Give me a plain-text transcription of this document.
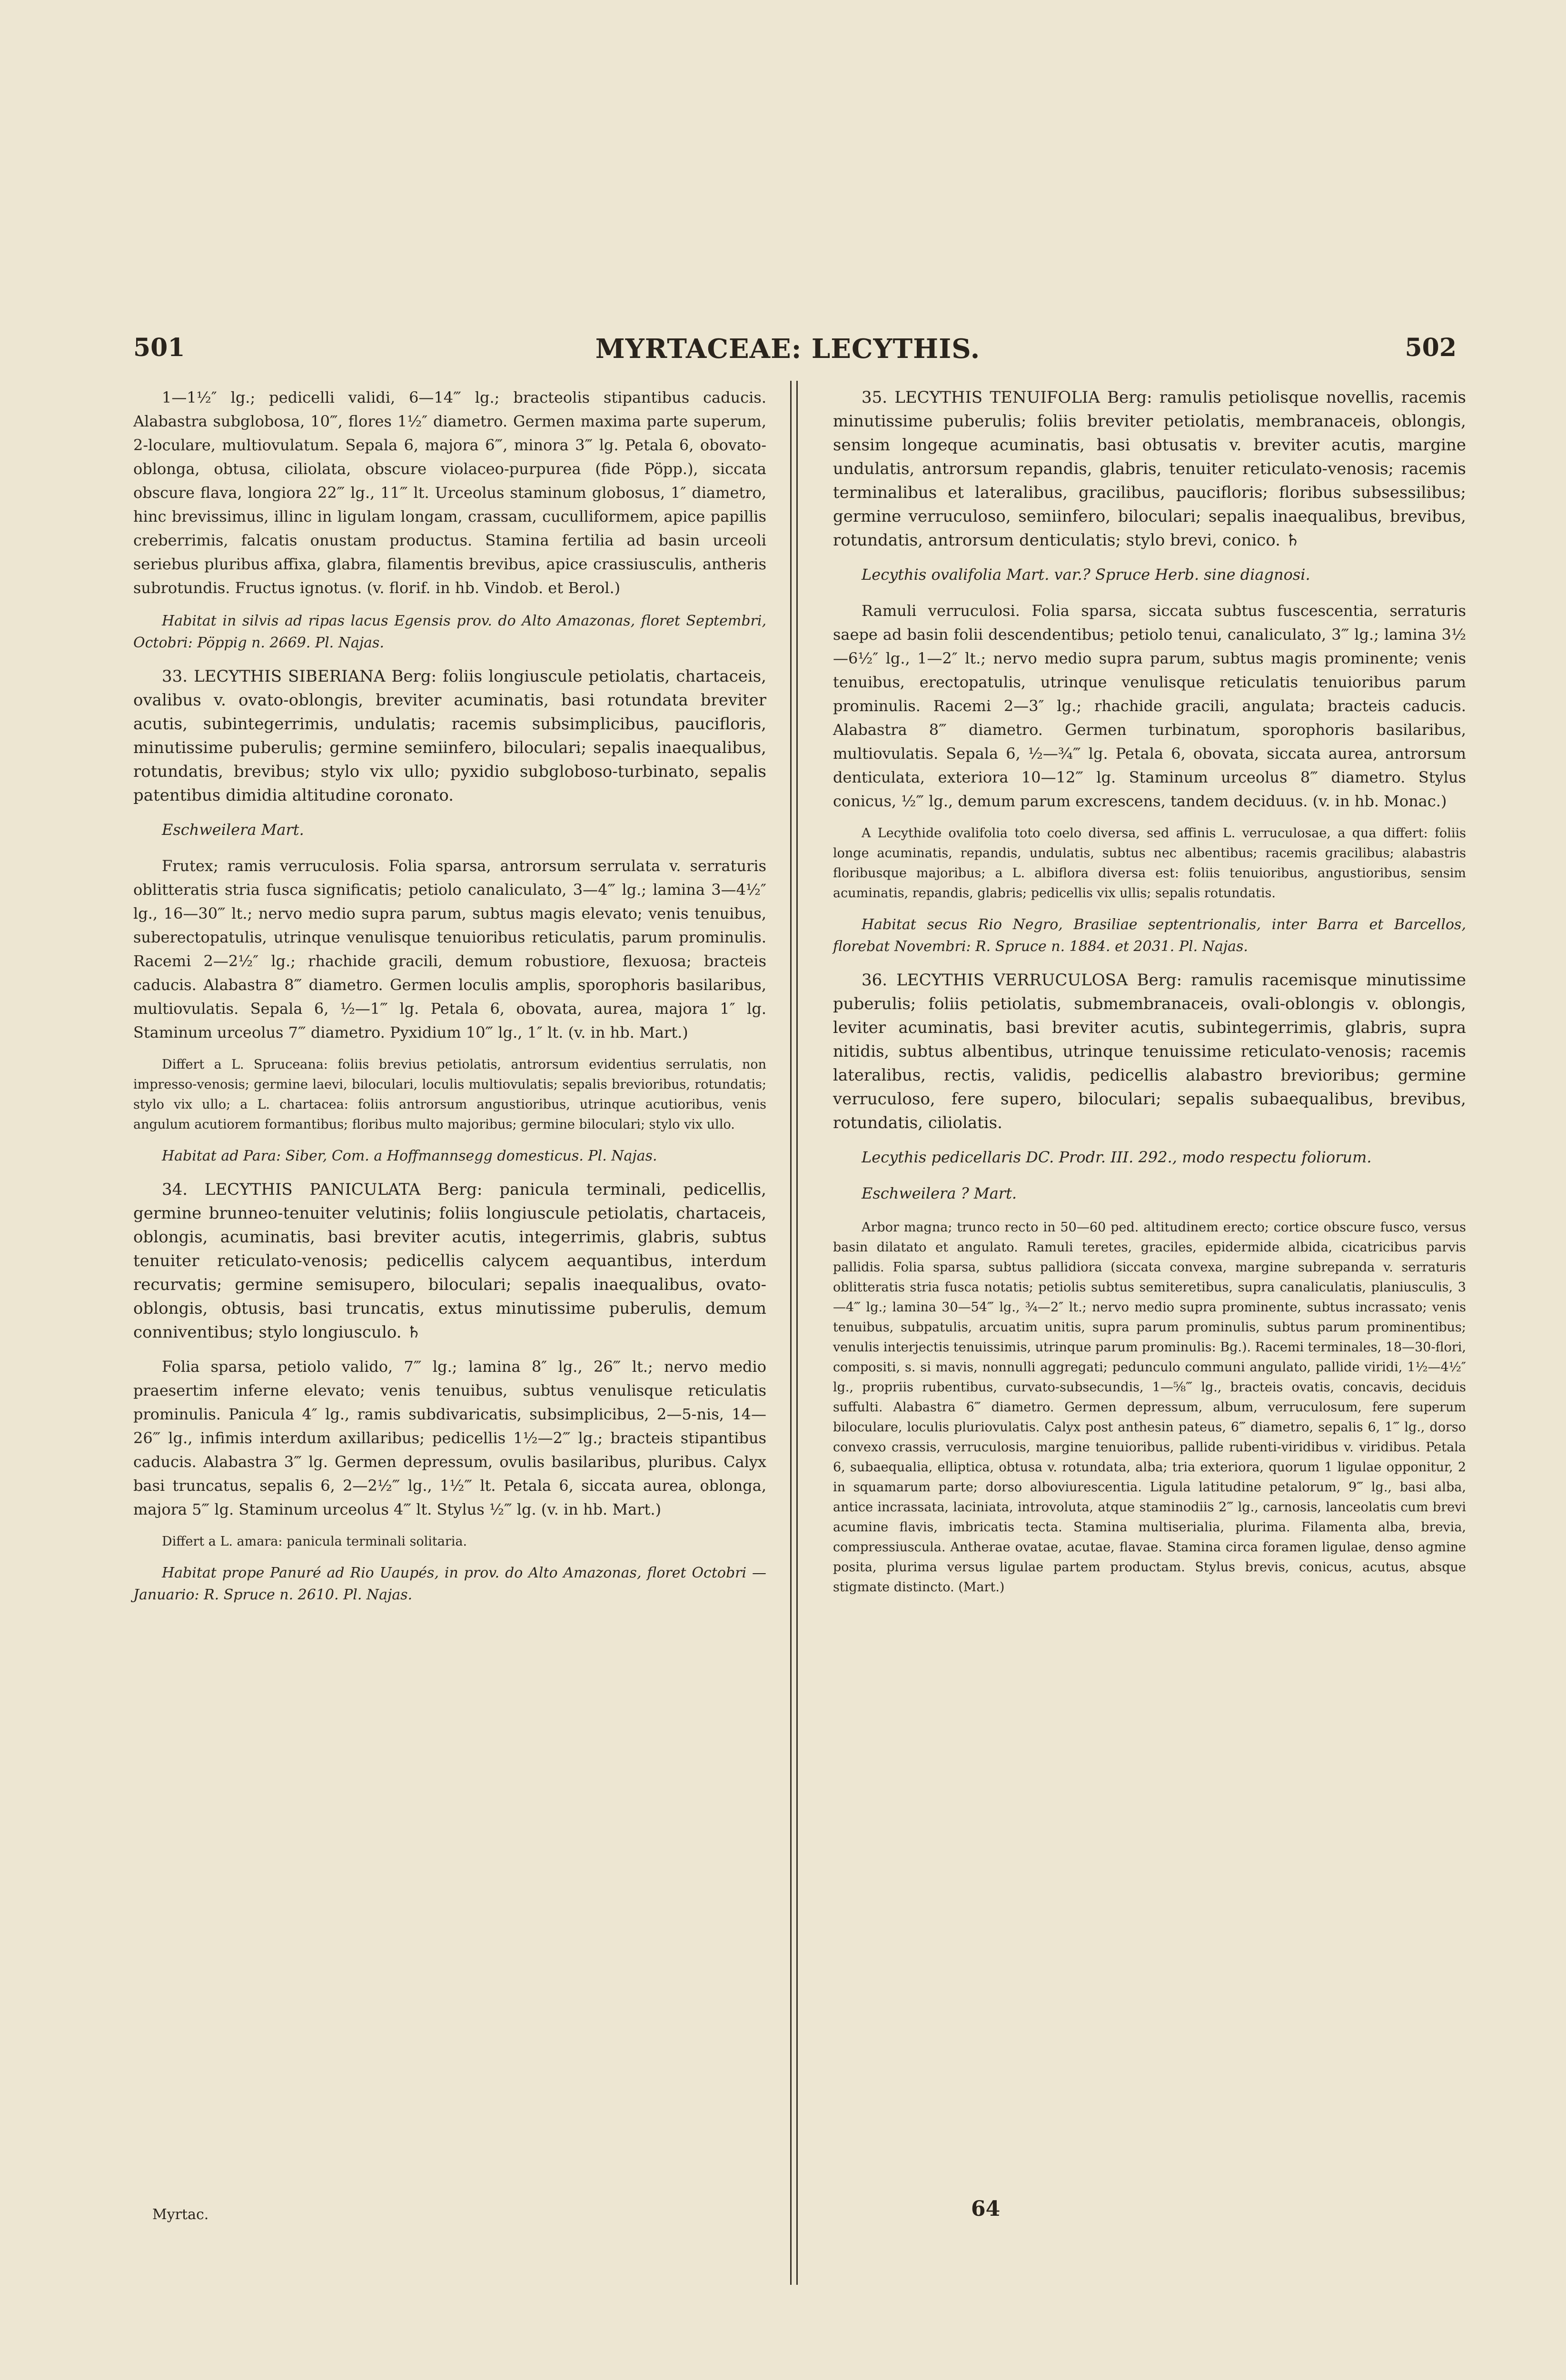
501	MYRTACEAE: LECYTHIS.	502

1—1½″ lg.; pedicelli validi, 6—14‴ lg.; bracteolis stipantibus caducis. Alabastra subglobosa, 10‴, flores 1½″ diametro. Germen maxima parte superum, 2-loculare, multiovulatum. Sepala 6, majora 6‴, minora 3‴ lg. Petala 6, obovato-oblonga, obtusa, ciliolata, obscure violaceo-purpurea (fide Pöpp.), siccata obscure flava, longiora 22‴ lg., 11‴ lt. Urceolus staminum globosus, 1″ diametro, hinc brevissimus, illinc in ligulam longam, crassam, cuculliformem, apice papillis creberrimis, falcatis onustam productus. Stamina fertilia ad basin urceoli seriebus pluribus affixa, glabra, filamentis brevibus, apice crassiusculis, antheris subrotundis. Fructus ignotus. (v. florif. in hb. Vindob. et Berol.)

Habitat in silvis ad ripas lacus Egensis prov. do Alto Amazonas, floret Septembri, Octobri: Pöppig n. 2669. Pl. Najas.

33. LECYTHIS SIBERIANA Berg: foliis longiuscule petiolatis, chartaceis, ovalibus v. ovato-oblongis, breviter acuminatis, basi rotundata breviter acutis, subintegerrimis, undulatis; racemis subsimplicibus, paucifloris, minutissime puberulis; germine semiinfero, biloculari; sepalis inaequalibus, rotundatis, brevibus; stylo vix ullo; pyxidio subgloboso-turbinato, sepalis patentibus dimidia altitudine coronato.

Eschweilera Mart.

Frutex; ramis verruculosis. Folia sparsa, antrorsum serrulata v. serraturis oblitteratis stria fusca significatis; petiolo canaliculato, 3—4‴ lg.; lamina 3—4½″ lg., 16—30‴ lt.; nervo medio supra parum, subtus magis elevato; venis tenuibus, suberectopatulis, utrinque venulisque tenuioribus reticulatis, parum prominulis. Racemi 2—2½″ lg.; rhachide gracili, demum robustiore, flexuosa; bracteis caducis. Alabastra 8‴ diametro. Germen loculis amplis, sporophoris basilaribus, multiovulatis. Sepala 6, ½—1‴ lg. Petala 6, obovata, aurea, majora 1″ lg. Staminum urceolus 7‴ diametro. Pyxidium 10‴ lg., 1″ lt. (v. in hb. Mart.)

Differt a L. Spruceana: foliis brevius petiolatis, antrorsum evidentius serrulatis, non impresso-venosis; germine laevi, biloculari, loculis multiovulatis; sepalis brevioribus, rotundatis; stylo vix ullo; a L. chartacea: foliis antrorsum angustioribus, utrinque acutioribus, venis angulum acutiorem formantibus; floribus multo majoribus; germine biloculari; stylo vix ullo.

Habitat ad Para: Siber, Com. a Hoffmannsegg domesticus. Pl. Najas.

34. LECYTHIS PANICULATA Berg: panicula terminali, pedicellis, germine brunneo-tenuiter velutinis; foliis longiuscule petiolatis, chartaceis, oblongis, acuminatis, basi breviter acutis, integerrimis, glabris, subtus tenuiter reticulato-venosis; pedicellis calycem aequantibus, interdum recurvatis; germine semisupero, biloculari; sepalis inaequalibus, ovato-oblongis, obtusis, basi truncatis, extus minutissime puberulis, demum conniventibus; stylo longiusculo. ♄

Folia sparsa, petiolo valido, 7‴ lg.; lamina 8″ lg., 26‴ lt.; nervo medio praesertim inferne elevato; venis tenuibus, subtus venulisque reticulatis prominulis. Panicula 4″ lg., ramis subdivaricatis, subsimplicibus, 2—5-nis, 14—26‴ lg., infimis interdum axillaribus; pedicellis 1½—2‴ lg.; bracteis stipantibus caducis. Alabastra 3‴ lg. Germen depressum, ovulis basilaribus, pluribus. Calyx basi truncatus, sepalis 6, 2—2½‴ lg., 1½‴ lt. Petala 6, siccata aurea, oblonga, majora 5‴ lg. Staminum urceolus 4‴ lt. Stylus ½‴ lg. (v. in hb. Mart.)

Differt a L. amara: panicula terminali solitaria.

Habitat prope Panuré ad Rio Uaupés, in prov. do Alto Amazonas, floret Octobri — Januario: R. Spruce n. 2610. Pl. Najas.

35. LECYTHIS TENUIFOLIA Berg: ramulis petiolisque novellis, racemis minutissime puberulis; foliis breviter petiolatis, membranaceis, oblongis, sensim longeque acuminatis, basi obtusatis v. breviter acutis, margine undulatis, antrorsum repandis, glabris, tenuiter reticulato-venosis; racemis terminalibus et lateralibus, gracilibus, paucifloris; floribus subsessilibus; germine verruculoso, semiinfero, biloculari; sepalis inaequalibus, brevibus, rotundatis, antrorsum denticulatis; stylo brevi, conico. ♄

Lecythis ovalifolia Mart. var.? Spruce Herb. sine diagnosi.

Ramuli verruculosi. Folia sparsa, siccata subtus fuscescentia, serraturis saepe ad basin folii descendentibus; petiolo tenui, canaliculato, 3‴ lg.; lamina 3½—6½″ lg., 1—2″ lt.; nervo medio supra parum, subtus magis prominente; venis tenuibus, erectopatulis, utrinque venulisque reticulatis tenuioribus parum prominulis. Racemi 2—3″ lg.; rhachide gracili, angulata; bracteis caducis. Alabastra 8‴ diametro. Germen turbinatum, sporophoris basilaribus, multiovulatis. Sepala 6, ½—¾‴ lg. Petala 6, obovata, siccata aurea, antrorsum denticulata, exteriora 10—12‴ lg. Staminum urceolus 8‴ diametro. Stylus conicus, ½‴ lg., demum parum excrescens, tandem deciduus. (v. in hb. Monac.)

A Lecythide ovalifolia toto coelo diversa, sed affinis L. verruculosae, a qua differt: foliis longe acuminatis, repandis, undulatis, subtus nec albentibus; racemis gracilibus; alabastris floribusque majoribus; a L. albiflora diversa est: foliis tenuioribus, angustioribus, sensim acuminatis, repandis, glabris; pedicellis vix ullis; sepalis rotundatis.

Habitat secus Rio Negro, Brasiliae septentrionalis, inter Barra et Barcellos, florebat Novembri: R. Spruce n. 1884. et 2031. Pl. Najas.

36. LECYTHIS VERRUCULOSA Berg: ramulis racemisque minutissime puberulis; foliis petiolatis, submembranaceis, ovali-oblongis v. oblongis, leviter acuminatis, basi breviter acutis, subintegerrimis, glabris, supra nitidis, subtus albentibus, utrinque tenuissime reticulato-venosis; racemis lateralibus, rectis, validis, pedicellis alabastro brevioribus; germine verruculoso, fere supero, biloculari; sepalis subaequalibus, brevibus, rotundatis, ciliolatis.

Lecythis pedicellaris DC. Prodr. III. 292., modo respectu foliorum.

Eschweilera ? Mart.

Arbor magna; trunco recto in 50—60 ped. altitudinem erecto; cortice obscure fusco, versus basin dilatato et angulato. Ramuli teretes, graciles, epidermide albida, cicatricibus parvis pallidis. Folia sparsa, subtus pallidiora (siccata convexa, margine subrepanda v. serraturis oblitteratis stria fusca notatis; petiolis subtus semiteretibus, supra canaliculatis, planiusculis, 3—4‴ lg.; lamina 30—54‴ lg., ¾—2″ lt.; nervo medio supra prominente, subtus incrassato; venis tenuibus, subpatulis, arcuatim unitis, supra parum prominulis, subtus parum prominentibus; venulis interjectis tenuissimis, utrinque parum prominulis: Bg.). Racemi terminales, 18—30-flori, compositi, s. si mavis, nonnulli aggregati; pedunculo communi angulato, pallide viridi, 1½—4½″ lg., propriis rubentibus, curvato-subsecundis, 1—⅝‴ lg., bracteis ovatis, concavis, deciduis suffulti. Alabastra 6‴ diametro. Germen depressum, album, verruculosum, fere superum biloculare, loculis pluriovulatis. Calyx post anthesin pateus, 6‴ diametro, sepalis 6, 1‴ lg., dorso convexo crassis, verruculosis, margine tenuioribus, pallide rubenti-viridibus v. viridibus. Petala 6, subaequalia, elliptica, obtusa v. rotundata, alba; tria exteriora, quorum 1 ligulae opponitur, 2 in squamarum parte; dorso alboviurescentia. Ligula latitudine petalorum, 9‴ lg., basi alba, antice incrassata, laciniata, introvoluta, atque staminodiis 2‴ lg., carnosis, lanceolatis cum brevi acumine flavis, imbricatis tecta. Stamina multiserialia, plurima. Filamenta alba, brevia, compressiuscula. Antherae ovatae, acutae, flavae. Stamina circa foramen ligulae, denso agmine posita, plurima versus ligulae partem productam. Stylus brevis, conicus, acutus, absque stigmate distincto. (Mart.)

Myrtac.	64
